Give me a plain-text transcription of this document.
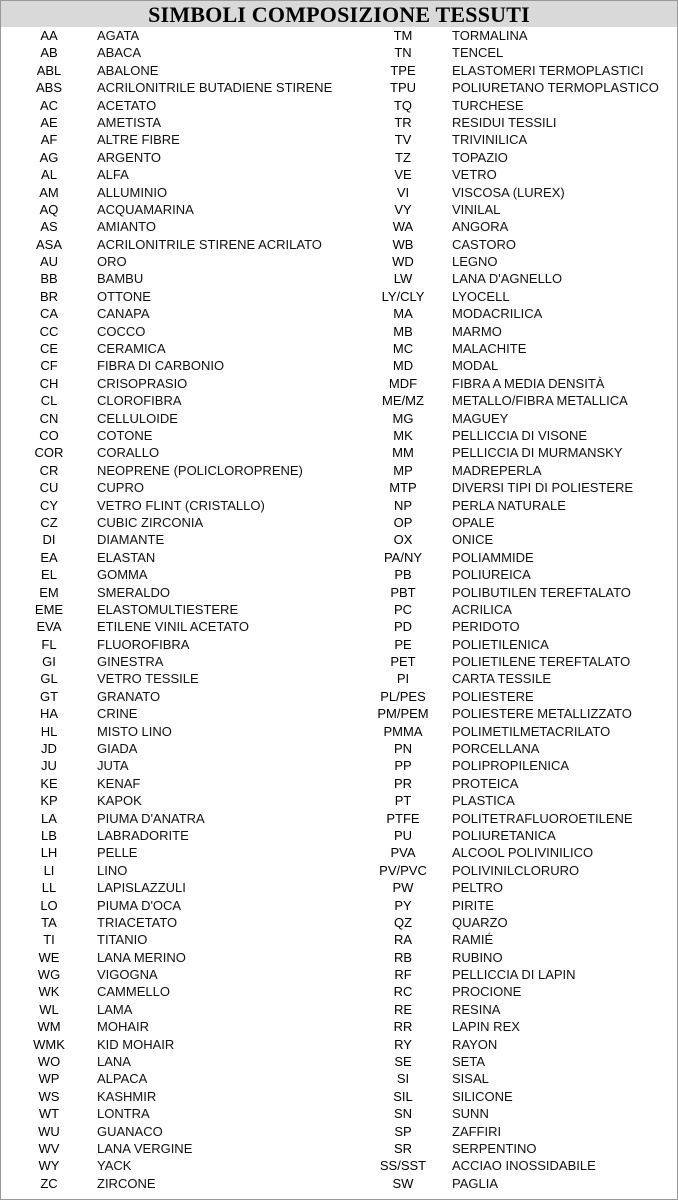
SIMBOLI COMPOSIZIONE TESSUTI
AA	AGATA	TM	TORMALINA
AB	ABACA	TN	TENCEL
ABL	ABALONE	TPE	ELASTOMERI TERMOPLASTICI
ABS	ACRILONITRILE BUTADIENE STIRENE	TPU	POLIURETANO TERMOPLASTICO
AC	ACETATO	TQ	TURCHESE
AE	AMETISTA	TR	RESIDUI TESSILI
AF	ALTRE FIBRE	TV	TRIVINILICA
AG	ARGENTO	TZ	TOPAZIO
AL	ALFA	VE	VETRO
AM	ALLUMINIO	VI	VISCOSA (LUREX)
AQ	ACQUAMARINA	VY	VINILAL
AS	AMIANTO	WA	ANGORA
ASA	ACRILONITRILE STIRENE ACRILATO	WB	CASTORO
AU	ORO	WD	LEGNO
BB	BAMBU	LW	LANA D'AGNELLO
BR	OTTONE	LY/CLY	LYOCELL
CA	CANAPA	MA	MODACRILICA
CC	COCCO	MB	MARMO
CE	CERAMICA	MC	MALACHITE
CF	FIBRA DI CARBONIO	MD	MODAL
CH	CRISOPRASIO	MDF	FIBRA A MEDIA DENSITÀ
CL	CLOROFIBRA	ME/MZ	METALLO/FIBRA METALLICA
CN	CELLULOIDE	MG	MAGUEY
CO	COTONE	MK	PELLICCIA DI VISONE
COR	CORALLO	MM	PELLICCIA DI MURMANSKY
CR	NEOPRENE (POLICLOROPRENE)	MP	MADREPERLA
CU	CUPRO	MTP	DIVERSI TIPI DI POLIESTERE
CY	VETRO FLINT (CRISTALLO)	NP	PERLA NATURALE
CZ	CUBIC ZIRCONIA	OP	OPALE
DI	DIAMANTE	OX	ONICE
EA	ELASTAN	PA/NY	POLIAMMIDE
EL	GOMMA	PB	POLIUREICA
EM	SMERALDO	PBT	POLIBUTILEN TEREFTALATO
EME	ELASTOMULTIESTERE	PC	ACRILICA
EVA	ETILENE VINIL ACETATO	PD	PERIDOTO
FL	FLUOROFIBRA	PE	POLIETILENICA
GI	GINESTRA	PET	POLIETILENE TEREFTALATO
GL	VETRO TESSILE	PI	CARTA TESSILE
GT	GRANATO	PL/PES	POLIESTERE
HA	CRINE	PM/PEM	POLIESTERE METALLIZZATO
HL	MISTO LINO	PMMA	POLIMETILMETACRILATO
JD	GIADA	PN	PORCELLANA
JU	JUTA	PP	POLIPROPILENICA
KE	KENAF	PR	PROTEICA
KP	KAPOK	PT	PLASTICA
LA	PIUMA D'ANATRA	PTFE	POLITETRAFLUOROETILENE
LB	LABRADORITE	PU	POLIURETANICA
LH	PELLE	PVA	ALCOOL POLIVINILICO
LI	LINO	PV/PVC	POLIVINILCLORURO
LL	LAPISLAZZULI	PW	PELTRO
LO	PIUMA D'OCA	PY	PIRITE
TA	TRIACETATO	QZ	QUARZO
TI	TITANIO	RA	RAMIÉ
WE	LANA MERINO	RB	RUBINO
WG	VIGOGNA	RF	PELLICCIA DI LAPIN
WK	CAMMELLO	RC	PROCIONE
WL	LAMA	RE	RESINA
WM	MOHAIR	RR	LAPIN REX
WMK	KID MOHAIR	RY	RAYON
WO	LANA	SE	SETA
WP	ALPACA	SI	SISAL
WS	KASHMIR	SIL	SILICONE
WT	LONTRA	SN	SUNN
WU	GUANACO	SP	ZAFFIRI
WV	LANA VERGINE	SR	SERPENTINO
WY	YACK	SS/SST	ACCIAO INOSSIDABILE
ZC	ZIRCONE	SW	PAGLIA
